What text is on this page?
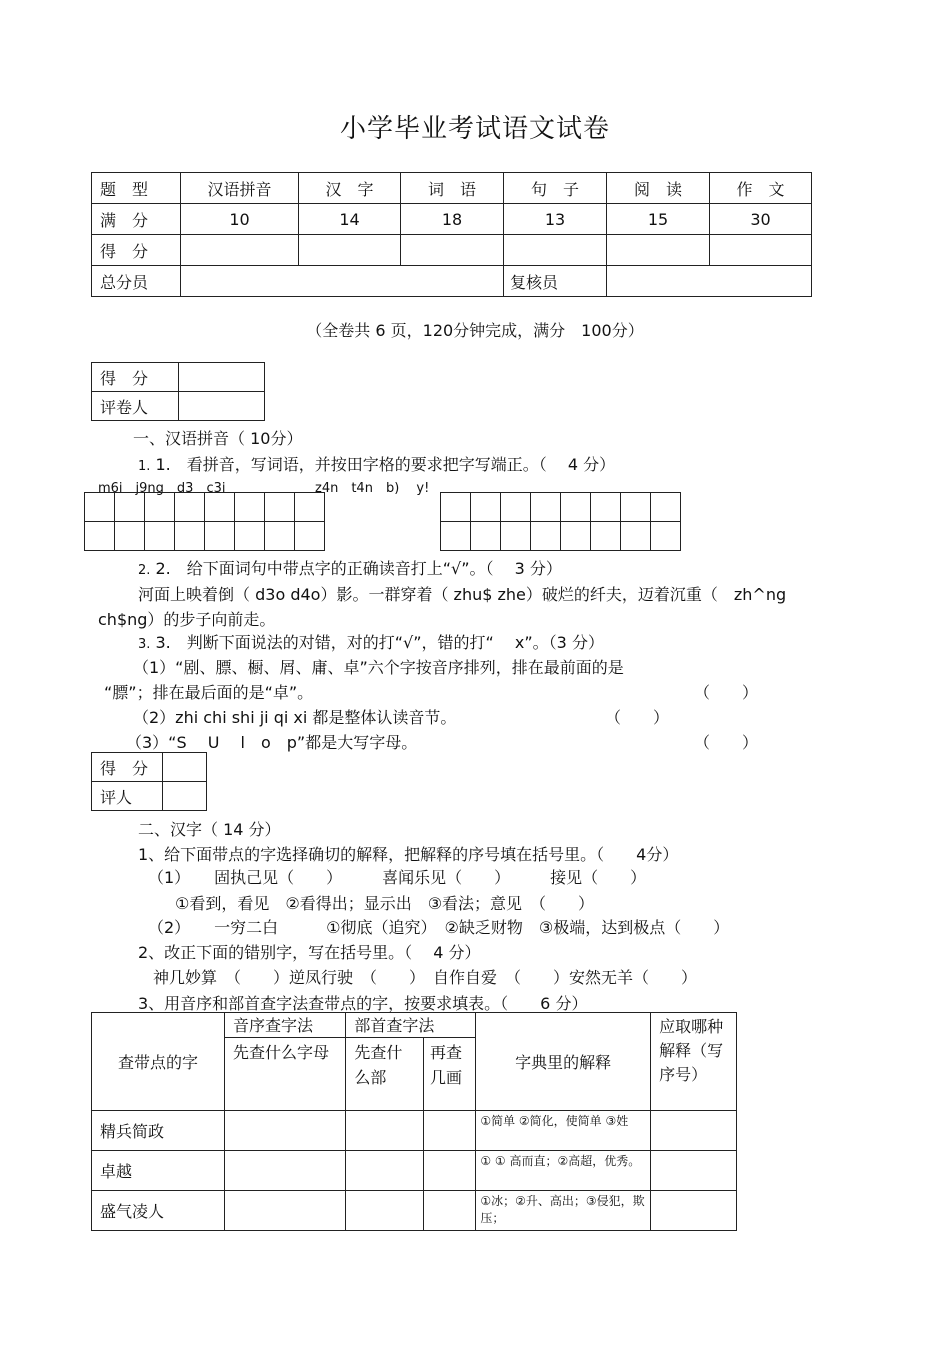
小学毕业考试语文试卷
题　型	汉语拼音	汉　字	词　语	句　子	阅　读	作　文
满　分	10	14	18	13	15	30
得　分						
总分员				复核员		
（全卷共 6 页，120分钟完成，满分　100分）
得　分	
评卷人	
一、汉语拼音（ 10分）
1. 1.　看拼音，写词语，并按田字格的要求把字写端正。（　 4 分）
m6i　j9ng　d3　c3i	z4n　t4n　b)　 y!

2. 2.　给下面词句中带点字的正确读音打上“√”。（　 3 分）
河面上映着倒（ d3o d4o）影。一群穿着（ zhu$ zhe）破烂的纤夫，迈着沉重（　zh^ng
ch$ng）的步子向前走。
3. 3.　判断下面说法的对错，对的打“√”，错的打“　 x”。（3 分）
（1）“剧、膘、橱、屑、庸、卓”六个字按音序排列，排在最前面的是
“膘”；排在最后面的是“卓”。	（　　）
（2）zhi chi shi ji qi xi 都是整体认读音节。	（　　）
（3）“S　 U　 l　o　p”都是大写字母。	（　　）
得　分	
评人	
二、汉字（ 14 分）
1、给下面带点的字选择确切的解释，把解释的序号填在括号里。（　　4分）
（1）　　固执己见（　　）　　　喜闻乐见（　　）　　　接见（　　）
①看到，看见　②看得出；显示出　③看法；意见　（　　）
（2）　　一穷二白　　　①彻底（追究）　②缺乏财物　③极端，达到极点（　　）
2、改正下面的错别字，写在括号里。（　 4 分）
神几妙算　（　　）逆凤行驶　（　　）　自作自爱　（　　）安然无羊（　　）
3、用音序和部首查字法查带点的字，按要求填表。（　　6 分）
查带点的字	音序查字法	部首查字法		字典里的解释	应取哪种解释（写序号）
	先查什么字母	先查什么部	再查几画		
精兵简政				①简单 ②简化，使简单 ③姓	
卓越				① ① 高而直；②高超，优秀。	
盛气凌人				①冰；②升、高出；③侵犯，欺压；	
